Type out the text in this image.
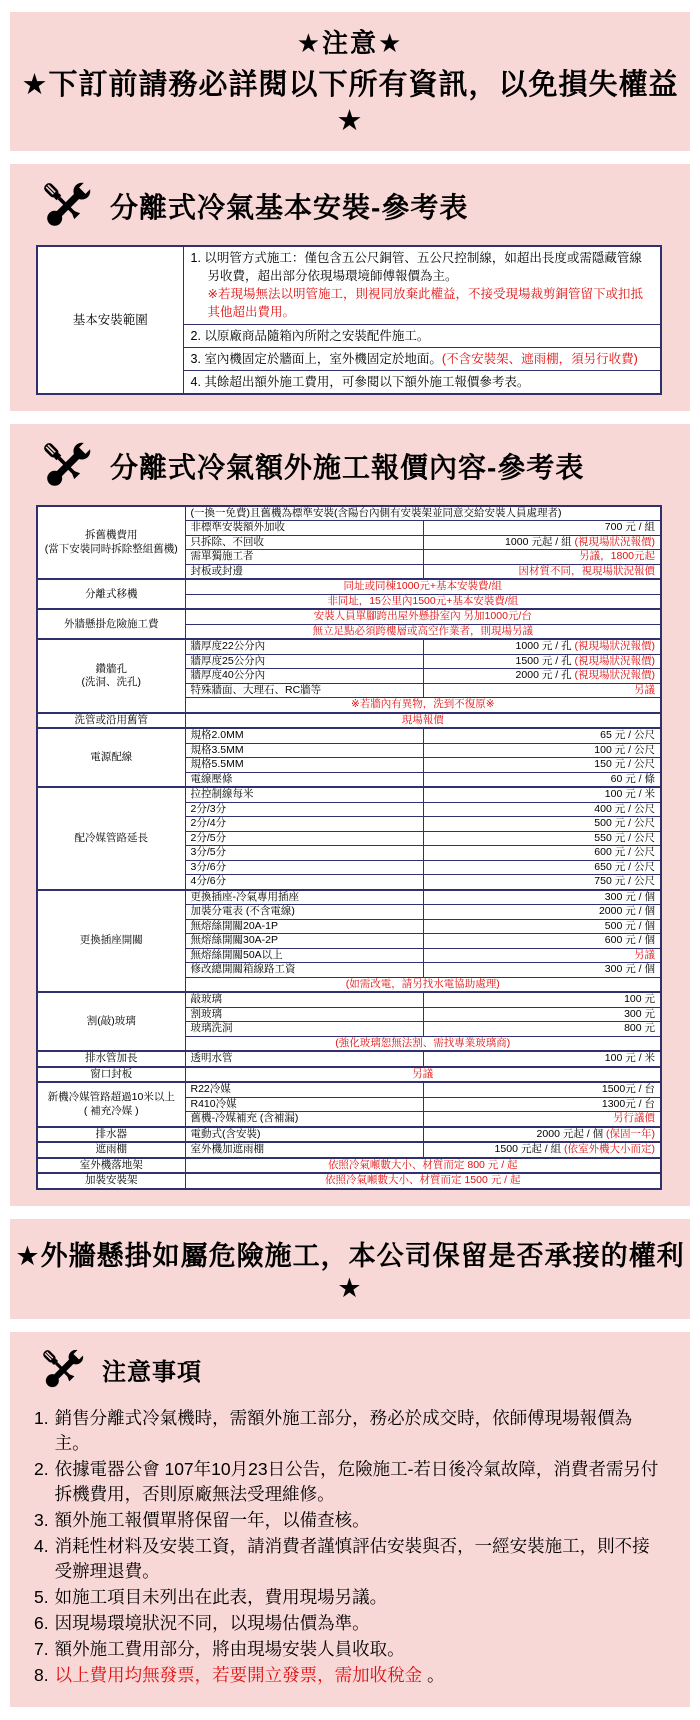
★注意★
★下訂前請務必詳閱以下所有資訊，以免損失權益★
分離式冷氣基本安裝-參考表
基本安裝範圍	
1. 以明管方式施工：僅包含五公尺銅管、五公尺控制線，如超出長度或需隱藏管線另收費，超出部分依現場環境師傅報價為主。
※若現場無法以明管施工，則視同放棄此權益，不接受現場裁剪銅管留下或扣抵其他超出費用。

2. 以原廠商品隨箱內所附之安裝配件施工。

3. 室內機固定於牆面上，室外機固定於地面。(不含安裝架、遮雨棚，須另行收費)

4. 其餘超出額外施工費用，可參閱以下額外施工報價參考表。
分離式冷氣額外施工報價內容-參考表
拆舊機費用
(當下安裝同時拆除整組舊機)	(一換一免費)且舊機為標準安裝(含陽台內側有安裝架並同意交給安裝人員處理者)	
	非標準安裝額外加收	700 元 / 組
	只拆除、不回收	1000 元起 / 組 (視現場狀況報價)
	需單獨施工者	另議，1800元起
	封板或封邊	因材質不同，視現場狀況報價

分離式移機	同址或同棟1000元+基本安裝費/組	
	非同址，15公里內1500元+基本安裝費/組	

外牆懸掛危險施工費	安裝人員單腳跨出屋外懸掛室內 另加1000元/台	
	無立足點必須跨樓層或高空作業者，則現場另議	

鑽牆孔
(洗洞、洗孔)	牆厚度22公分內	1000 元 / 孔 (視現場狀況報價)
	牆厚度25公分內	1500 元 / 孔 (視現場狀況報價)
	牆厚度40公分內	2000 元 / 孔 (視現場狀況報價)
	特殊牆面、大理石、RC牆等	另議
	※若牆內有異物，洗到不復原※	

洗管或沿用舊管	現場報價	

電源配線	規格2.0MM	65 元 / 公尺
	規格3.5MM	100 元 / 公尺
	規格5.5MM	150 元 / 公尺
	電線壓條	60 元 / 條

配冷媒管路延長	拉控制線每米	100 元 / 米
	2分/3分	400 元 / 公尺
	2分/4分	500 元 / 公尺
	2分/5分	550 元 / 公尺
	3分/5分	600 元 / 公尺
	3分/6分	650 元 / 公尺
	4分/6分	750 元 / 公尺

更換插座開關	更換插座-冷氣專用插座	300 元 / 個
	加裝分電表 (不含電線)	2000 元 / 個
	無熔絲開關20A-1P	500 元 / 個
	無熔絲開關30A-2P	600 元 / 個
	無熔絲開關50A以上	另議
	修改總開關箱線路工資	300 元 / 個
	(如需改電，請另找水電協助處理)	

割(敲)玻璃	敲玻璃	100 元
	割玻璃	300 元
	玻璃洗洞	800 元
	(強化玻璃恕無法割、需找專業玻璃商)	

排水管加長	透明水管	100 元 / 米

窗口封板	另議	

新機冷媒管路超過10米以上
( 補充冷媒 )	R22冷媒	1500元 / 台
	R410冷媒	1300元 / 台
	舊機-冷媒補充 (含補漏)	另行議價

排水器	電動式(含安裝)	2000 元起 / 個 (保固一年)

遮雨棚	室外機加遮雨棚	1500 元起 / 組 (依室外機大小而定)

室外機落地架	依照冷氣噸數大小、材質而定 800 元 / 起	

加裝安裝架	依照冷氣噸數大小、材質而定 1500 元 / 起	
★外牆懸掛如屬危險施工，本公司保留是否承接的權利★
注意事項
1. 銷售分離式冷氣機時，需額外施工部分，務必於成交時，依師傅現場報價為主。
2. 依據電器公會 107年10月23日公告，危險施工-若日後冷氣故障，消費者需另付拆機費用，否則原廠無法受理維修。
3. 額外施工報價單將保留一年，以備查核。
4. 消耗性材料及安裝工資，請消費者謹慎評估安裝與否，一經安裝施工，則不接受辦理退費。
5. 如施工項目未列出在此表，費用現場另議。
6. 因現場環境狀況不同，以現場估價為準。
7. 額外施工費用部分，將由現場安裝人員收取。
8. 以上費用均無發票，若要開立發票，需加收稅金 。
